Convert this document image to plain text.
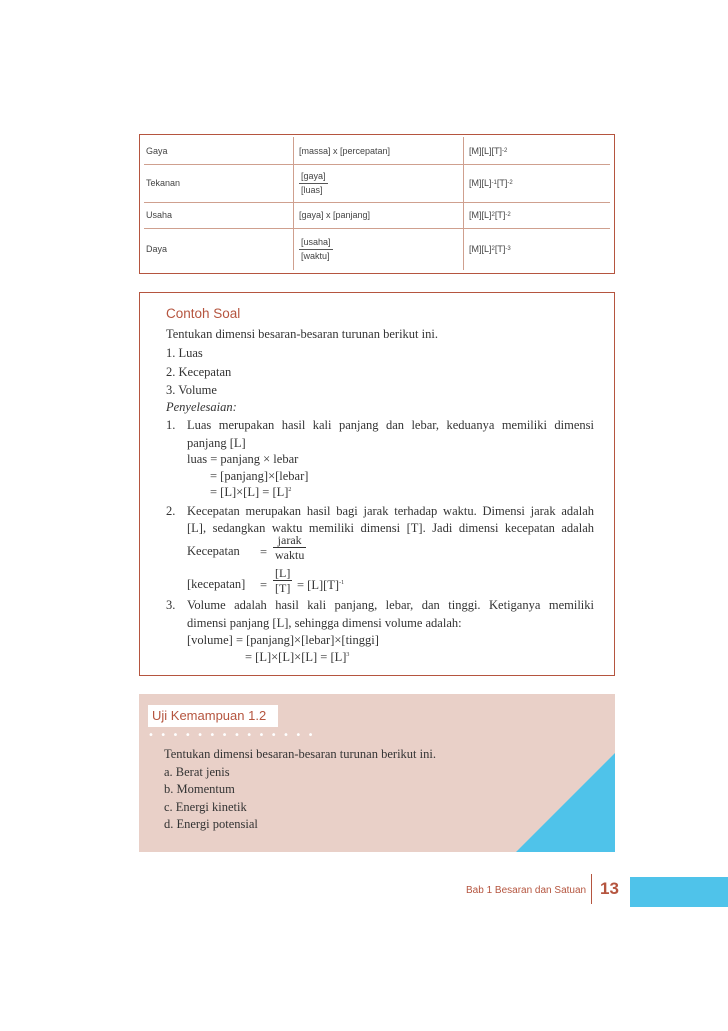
Gaya	[massa] x [percepatan]	[M][L][T] -2
Tekanan	$\frac{\text{[gaya]}}{\text{[luas]}}$	[M][L] -1 [T] -2
Usaha	[gaya] x [panjang]	[M][L] 2 [T] -2
Daya	$\frac{\text{[usaha]}}{\text{[waktu]}}$	[M][L] 2 [T] -3
Contoh Soal
Tentukan dimensi besaran-besaran turunan berikut ini.
1. Luas
2. Kecepatan
3. Volume
Penyelesaian:
1. Luas merupakan hasil kali panjang dan lebar, keduanya memiliki dimensi
panjang [L]
luas = panjang × lebar
= [panjang]×[lebar]
= $[L]\times[L] = [L]^2$
2. Kecepatan merupakan hasil bagi jarak terhadap waktu. Dimensi jarak adalah
[L], sedangkan waktu memiliki dimensi [T]. Jadi dimensi kecepatan adalah
Kecepatan =
jarak
waktu
[kecepatan] = $\frac{[L]}{[T]} = [L][T]^{-1}$
3. Volume adalah hasil kali panjang, lebar, dan tinggi. Ketiganya memiliki
dimensi panjang [L], sehingga dimensi volume adalah:
[volume] = [panjang]×[lebar]×[tinggi]
= $[L]\times[L]\times[L] = [L]^3$
Uji Kemampuan 1.2
• • • • • • • • • • • • • •
Tentukan dimensi besaran-besaran turunan berikut ini.
a. Berat jenis
b. Momentum
c. Energi kinetik
d. Energi potensial
Bab 1 Besaran dan Satuan 13
